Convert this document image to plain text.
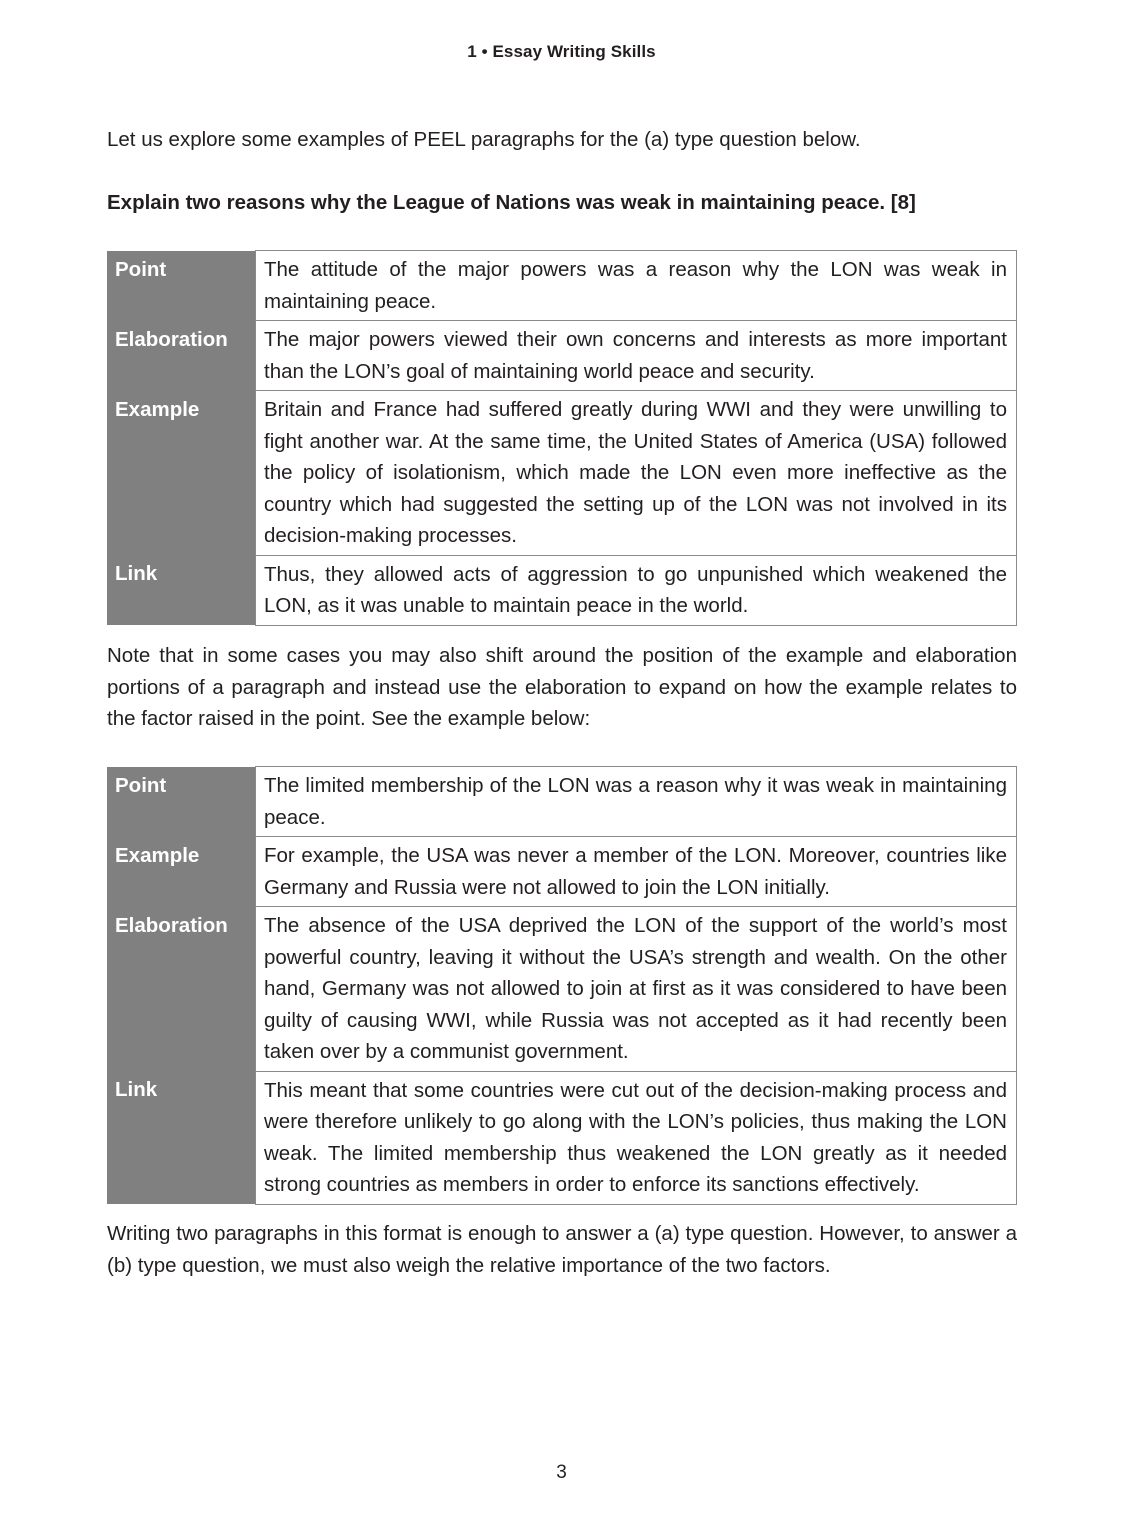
1 • Essay Writing Skills

Let us explore some examples of PEEL paragraphs for the (a) type question below.

Explain two reasons why the League of Nations was weak in maintaining peace. [8]

Point	The attitude of the major powers was a reason why the LON was weak in maintaining peace.
Elaboration	The major powers viewed their own concerns and interests as more important than the LON’s goal of maintaining world peace and security.
Example	Britain and France had suffered greatly during WWI and they were unwilling to fight another war. At the same time, the United States of America (USA) followed the policy of isolationism, which made the LON even more ineffective as the country which had suggested the setting up of the LON was not involved in its decision-making processes.
Link	Thus, they allowed acts of aggression to go unpunished which weakened the LON, as it was unable to maintain peace in the world.

Note that in some cases you may also shift around the position of the example and elaboration portions of a paragraph and instead use the elaboration to expand on how the example relates to the factor raised in the point. See the example below:

Point	The limited membership of the LON was a reason why it was weak in maintaining peace.
Example	For example, the USA was never a member of the LON. Moreover, countries like Germany and Russia were not allowed to join the LON initially.
Elaboration	The absence of the USA deprived the LON of the support of the world’s most powerful country, leaving it without the USA’s strength and wealth. On the other hand, Germany was not allowed to join at first as it was considered to have been guilty of causing WWI, while Russia was not accepted as it had recently been taken over by a communist government.
Link	This meant that some countries were cut out of the decision-making process and were therefore unlikely to go along with the LON’s policies, thus making the LON weak. The limited membership thus weakened the LON greatly as it needed strong countries as members in order to enforce its sanctions effectively.

Writing two paragraphs in this format is enough to answer a (a) type question. However, to answer a (b) type question, we must also weigh the relative importance of the two factors.

3
